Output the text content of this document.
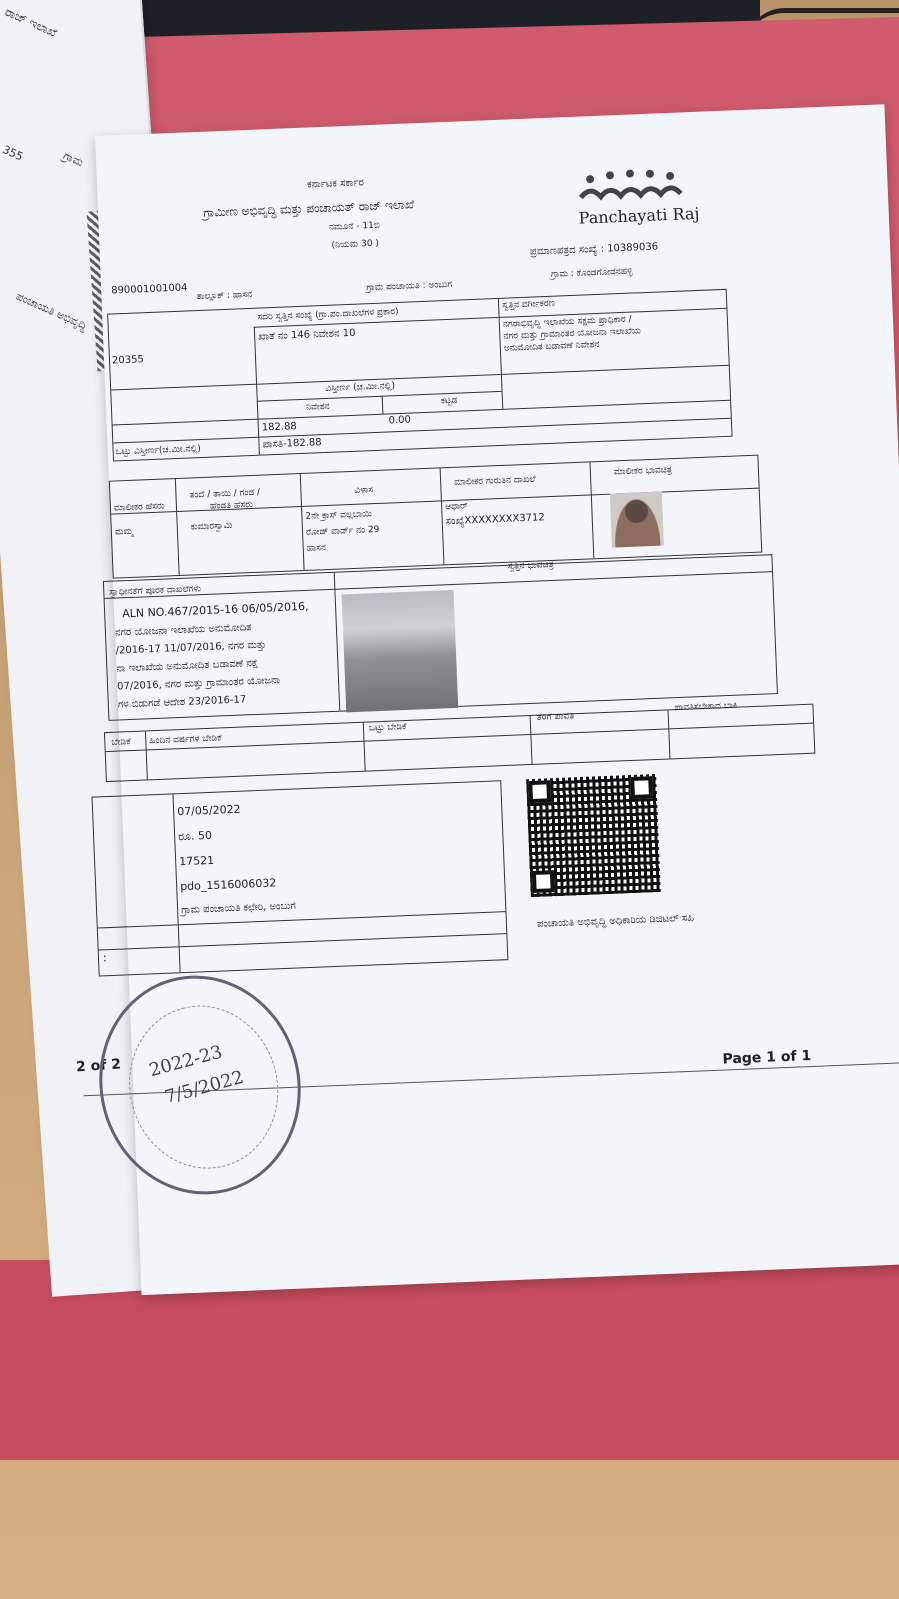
ರಾಜ್ ಇಲಾಖೆ
355	ಗ್ರಾಮ
ಪಂಚಾಯತಿ ಅಭಿವೃದ್ಧಿ
2 of 2
ಕರ್ನಾಟಕ ಸರ್ಕಾರ
ಗ್ರಾಮೀಣ ಅಭಿವೃದ್ಧಿ ಮತ್ತು ಪಂಚಾಯತ್ ರಾಜ್ ಇಲಾಖೆ
ನಮೂನೆ - 11ಬಿ
(ನಿಯಮ 30 )
Panchayati Raj
ಪ್ರಮಾಣಪತ್ರದ ಸಂಖ್ಯೆ : 10389036
890001001004 ತಾಲ್ಲೂಕ್ : ಹಾಸನ
ಗ್ರಾಮ ಪಂಚಾಯತಿ : ಅಂಬುಗ
ಗ್ರಾಮ : ಕೊಂಡಗೋಡನಹಳ್ಳಿ
ಸದರಿ ಸ್ವತ್ತಿನ ಸಂಖ್ಯೆ (ಗ್ರಾ.ಪಂ.ದಾಖಲೆಗಳ ಪ್ರಕಾರ)
ಸ್ವತ್ತಿನ ವರ್ಗೀಕರಣ
ಖಾತೆ ನಂ 146 ನಿವೇಶನ 10
ನಗರಾಭಿವೃದ್ಧಿ ಇಲಾಖೆಯ ಸಕ್ಷಮ ಪ್ರಾಧಿಕಾರ /
ನಗರ ಮತ್ತು ಗ್ರಾಮಾಂತರ ಯೋಜನಾ ಇಲಾಖೆಯ
ಅನುಮೋದಿತ ಬಡಾವಣೆ ನಿವೇಶನ
20355
ವಿಸ್ತೀರ್ಣ (ಚ.ಮೀ.ನಲ್ಲಿ)
ನಿವೇಶನ
ಕಟ್ಟಡ
182.88
0.00
ಒಟ್ಟು ವಿಸ್ತೀರ್ಣ(ಚ.ಮೀ.ನಲ್ಲಿ)
ಪಾಸತಿ-182.88
ಮಾಲೀಕರ ಹೆಸರು
ತಂದೆ / ತಾಯಿ / ಗಂಡ /
ಹೆಂಡತಿ ಹೆಸರು
ವಿಳಾಸ
ಮಾಲೀಕರ ಗುರುತಿನ ದಾಖಲೆ
ಮಾಲೀಕರ ಭಾವಚಿತ್ರ
ಮಮ್ಮ	ಕುಮಾರಸ್ವಾಮಿ
2ನೇ ಕ್ರಾಸ್ ವಲ್ಲಬಾಯಿ
ರೋಡ್ ವಾರ್ಡ್ ನಂ 29
ಹಾಸನ
ಆಧಾರ್
ಸಂಖ್ಯೆXXXXXXXX3712
ಸ್ವಾಧೀನತೆಗೆ ಪೂರಕ ದಾಖಲೆಗಳು
ಸ್ವತ್ತಿನ ಭಾವಚಿತ್ರ
ALN NO.467/2015-16 06/05/2016,
ನಗರ ಯೋಜನಾ ಇಲಾಖೆಯ ಅನುಮೋದಿತ
/2016-17 11/07/2016, ನಗರ ಮತ್ತು
ನಾ ಇಲಾಖೆಯ ಅನುಮೋದಿತ ಬಡಾವಣೆ ನಕ್ಷೆ
07/2016, ನಗರ ಮತ್ತು ಗ್ರಾಮಾಂತರ ಯೋಜನಾ
ಗಳ ಬಿಡುಗಡೆ ಆದೇಶ 23/2016-17
ಬೇಡಿಕೆ ಹಿಂದಿನ ವರ್ಷಗಳ ಬೇಡಿಕೆ
ಒಟ್ಟು ಬೇಡಿಕೆ
ತೆರಿಗೆ ಪಾವತಿ
ಪಾವತಿಸಬೇಕಾದ ಬಾಕಿ
07/05/2022
ರೂ. 50
17521
pdo_1516006032
ಗ್ರಾಮ ಪಂಚಾಯತಿ ಕಛೇರಿ, ಅಂಬುಗ
:
ಪಂಚಾಯತಿ ಅಭಿವೃದ್ಧಿ ಅಧಿಕಾರಿಯ ಡಿಜಿಟಲ್ ಸಹಿ
Page 1 of 1
2022-23
7/5/2022
